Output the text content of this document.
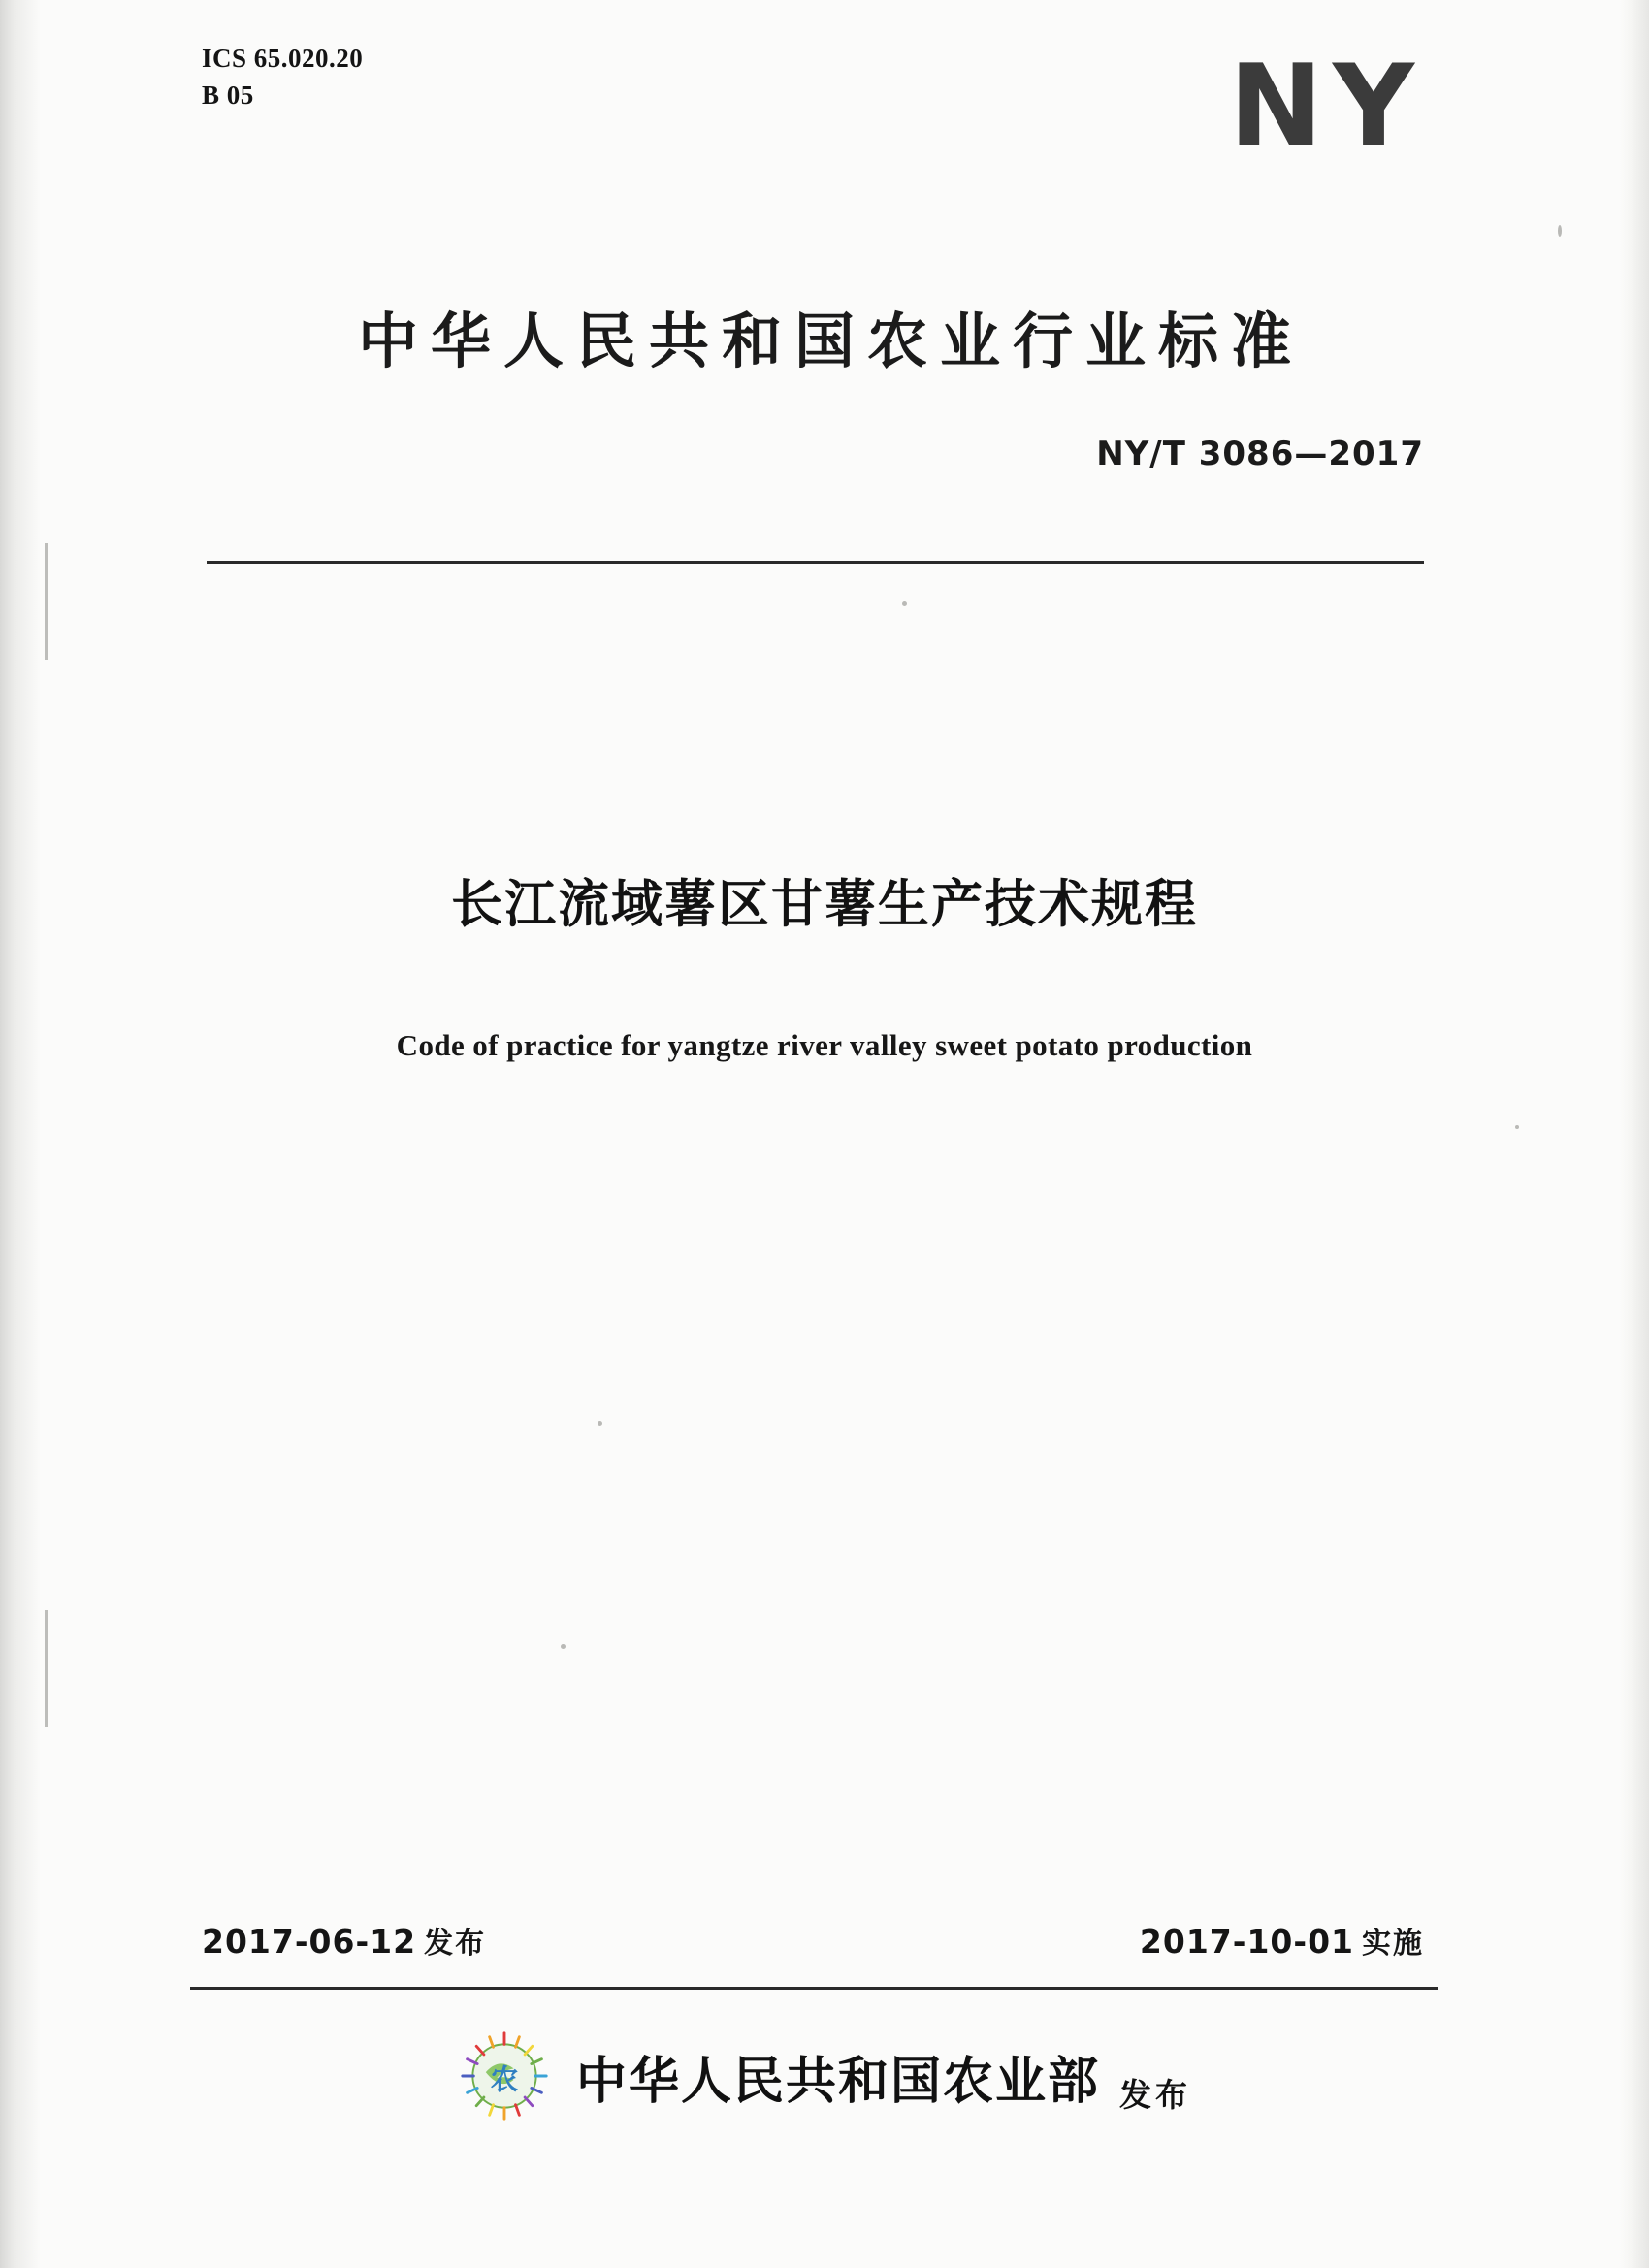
ICS 65.020.20
B 05	NY
中华人民共和国农业行业标准
NY/T 3086—2017
长江流域薯区甘薯生产技术规程
Code of practice for yangtze river valley sweet potato production
2017-06-12 发布	2017-10-01 实施
农 中华人民共和国农业部 发布
